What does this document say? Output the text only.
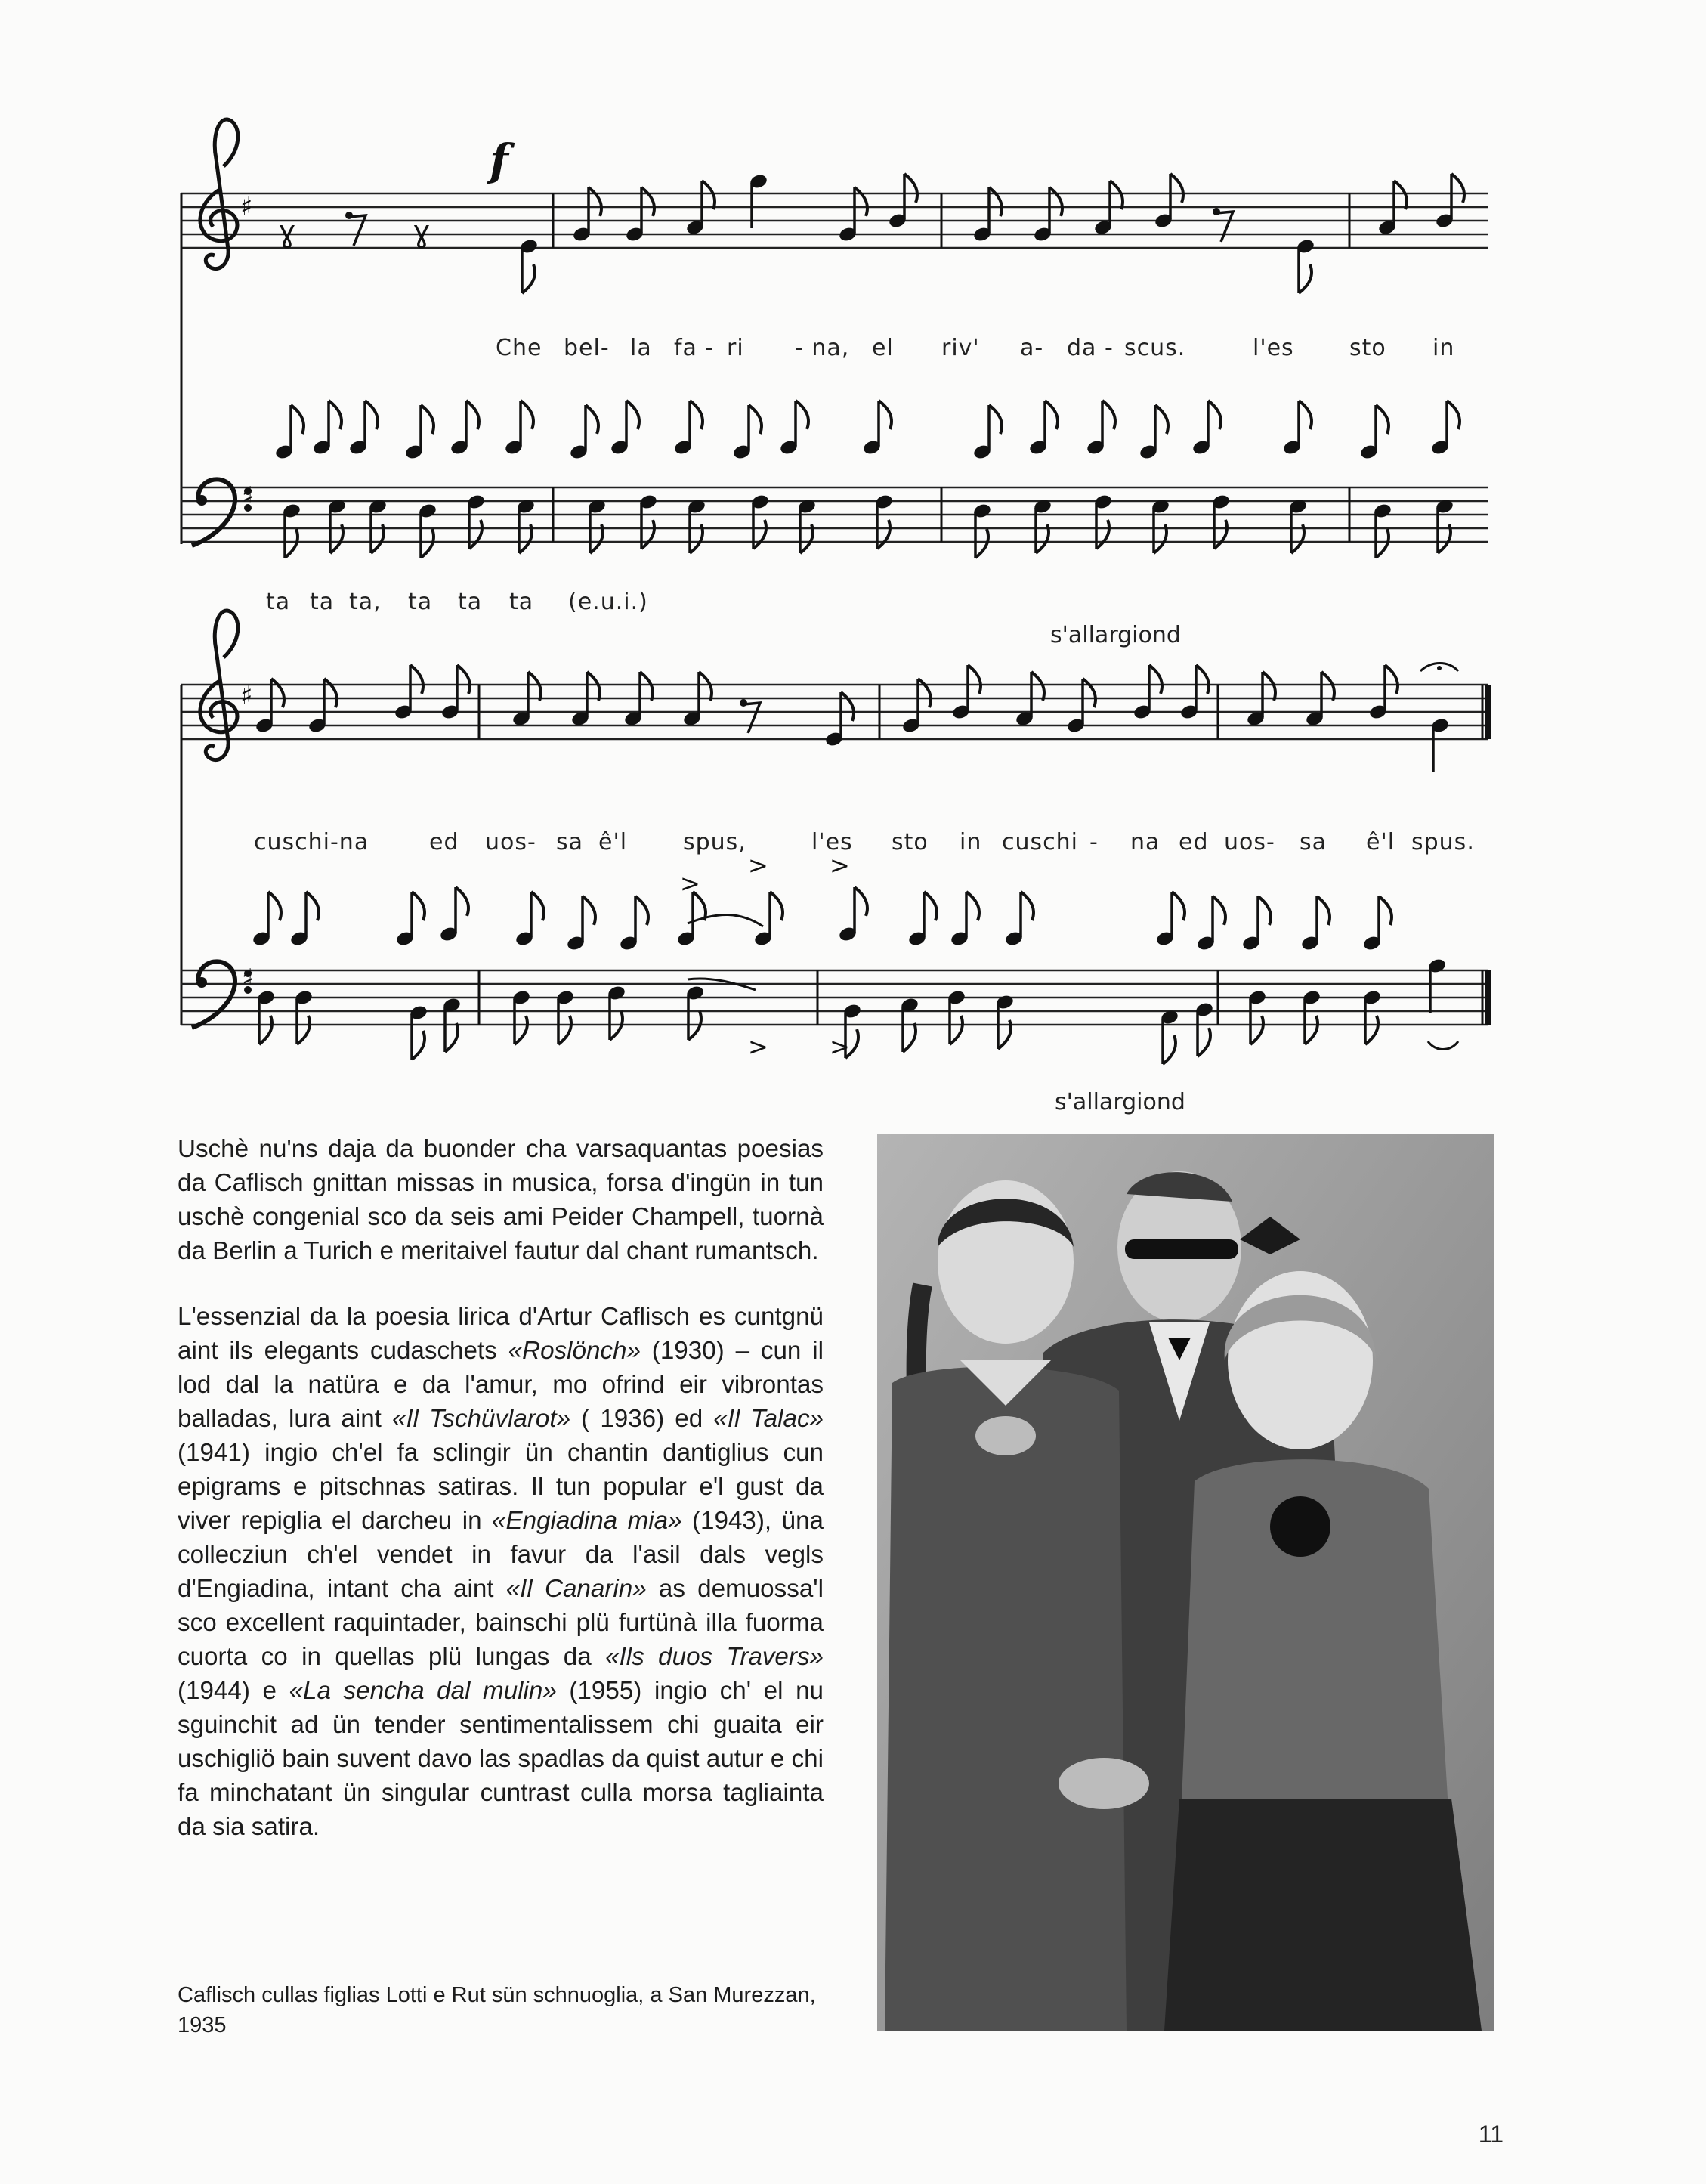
♯
ɣ	ɣ
f
Che bel- la fa - ri - na, el riv' a- da - scus.	l'es sto in
♯
ta ta ta, ta ta ta (e.u.i.)
s'allargiond
♯
cuschi-na	ed uos- sa ê'l spus,	l'es sto in cuschi - na ed uos- sa ê'l spus.
♯
>
>	>
>	>
s'allargiond

Uschè nu'ns daja da buonder cha varsaquantas poesias da Caflisch gnittan missas in musica, forsa d'ingün in tun uschè congenial sco da seis ami Peider Champell, tuornà da Berlin a Turich e meritaivel fautur dal chant rumantsch.

L'essenzial da la poesia lirica d'Artur Caflisch es cuntgnü aint ils elegants cudaschets «Roslönch» (1930) – cun il lod dal la natüra e da l'amur, mo ofrind eir vibrontas balladas, lura aint «Il Tschüvlarot» ( 1936) ed «Il Talac» (1941) ingio ch'el fa sclingir ün chantin dantiglius cun epigrams e pitschnas satiras. Il tun popular e'l gust da viver repiglia el darcheu in «Engiadina mia» (1943), üna collecziun ch'el vendet in favur da l'asil dals vegls d'Engiadina, intant cha aint «Il Canarin» as demuossa'l sco excellent raquintader, bainschi plü furtünà illa fuorma cuorta co in quellas plü lungas da «Ils duos Travers» (1944) e «La sencha dal mulin» (1955) ingio ch' el nu sguinchit ad ün tender sentimentalissem chi guaita eir uschigliö bain suvent davo las spadlas da quist autur e chi fa minchatant ün singular cuntrast culla morsa tagliainta da sia satira.

Caflisch cullas figlias Lotti e Rut sün schnuoglia, a San Murezzan, 1935
11
